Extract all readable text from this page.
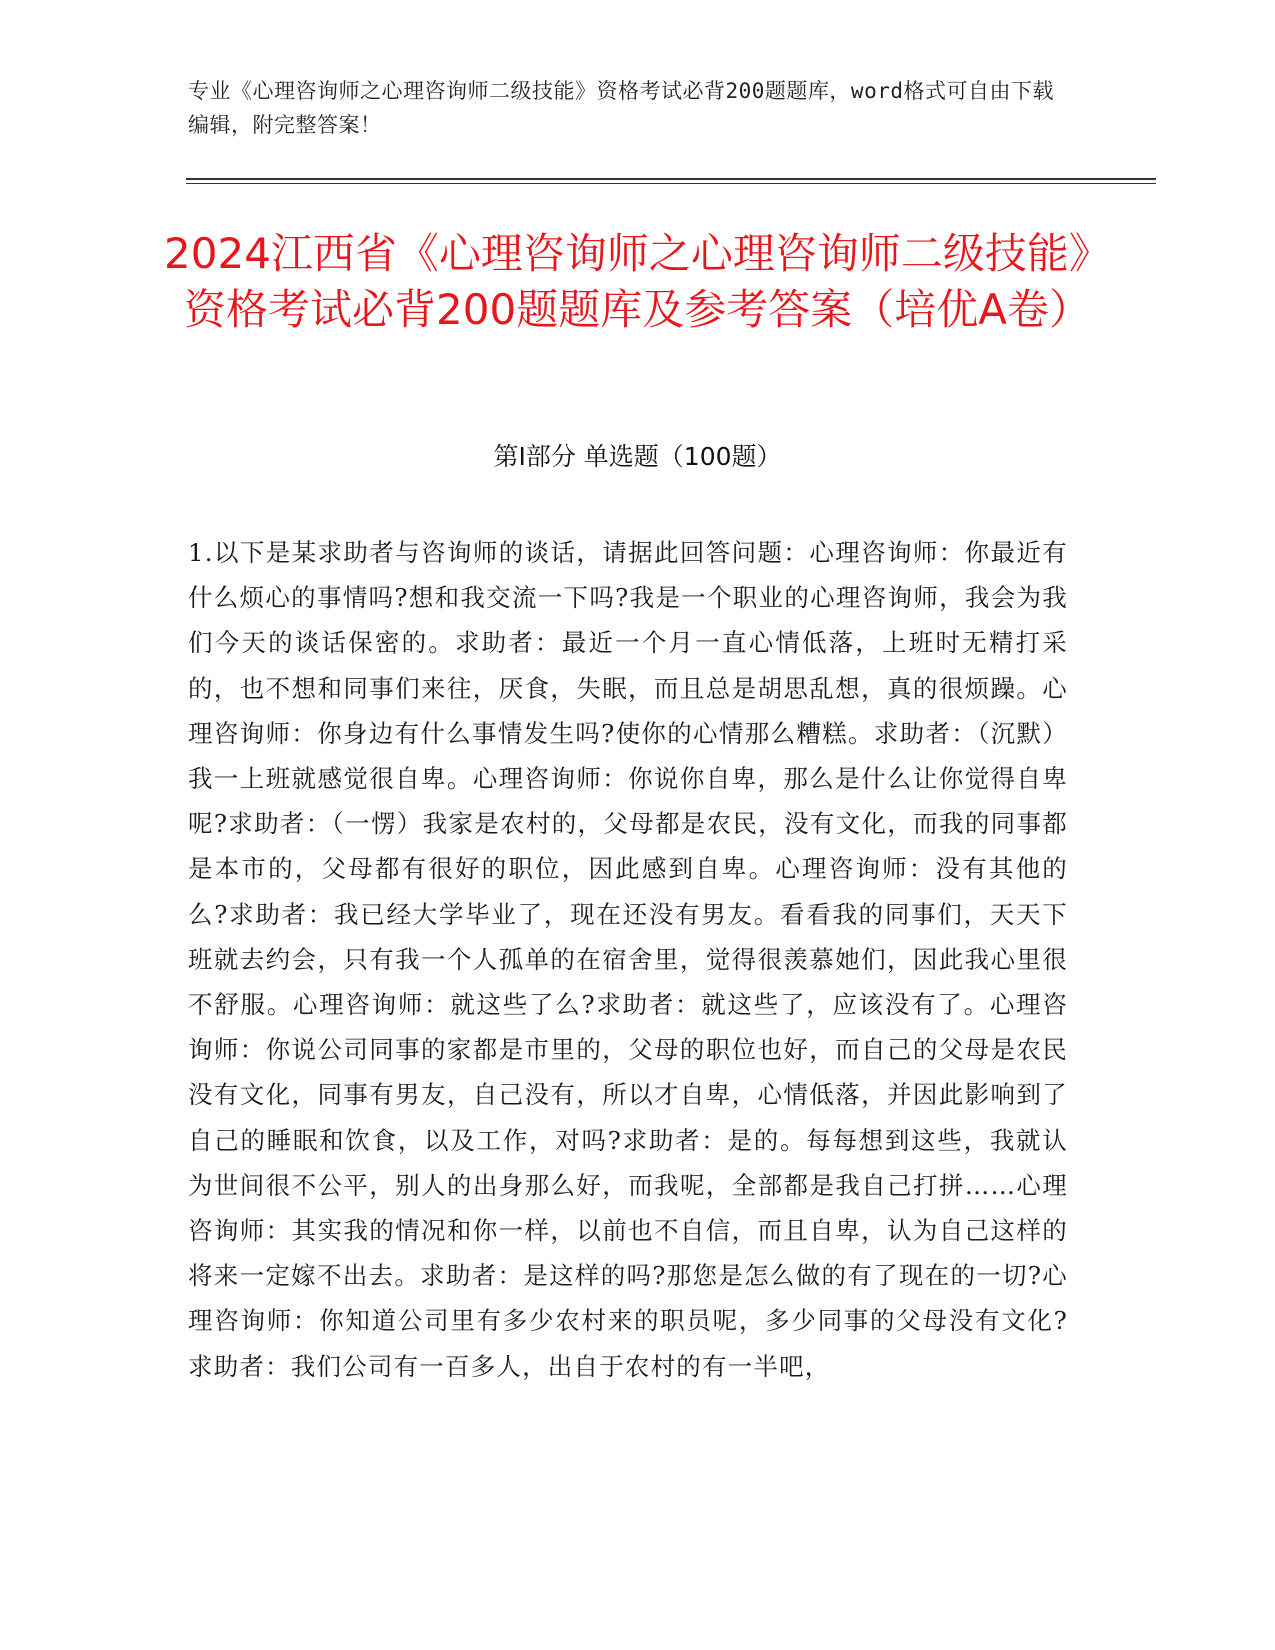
专业《心理咨询师之心理咨询师二级技能》资格考试必背200题题库，word格式可自由下载编辑，附完整答案！
2024江西省《心理咨询师之心理咨询师二级技能》资格考试必背200题题库及参考答案（培优A卷）
第Ⅰ部分 单选题（100题）

1.以下是某求助者与咨询师的谈话，请据此回答问题：心理咨询师：你最近有什么烦心的事情吗?想和我交流一下吗?我是一个职业的心理咨询师，我会为我们今天的谈话保密的。求助者：最近一个月一直心情低落，上班时无精打采的，也不想和同事们来往，厌食，失眠，而且总是胡思乱想，真的很烦躁。心理咨询师：你身边有什么事情发生吗?使你的心情那么糟糕。求助者：（沉默）我一上班就感觉很自卑。心理咨询师：你说你自卑，那么是什么让你觉得自卑呢?求助者：（一愣）我家是农村的，父母都是农民，没有文化，而我的同事都是本市的，父母都有很好的职位，因此感到自卑。心理咨询师：没有其他的么?求助者：我已经大学毕业了，现在还没有男友。看看我的同事们，天天下班就去约会，只有我一个人孤单的在宿舍里，觉得很羡慕她们，因此我心里很不舒服。心理咨询师：就这些了么?求助者：就这些了，应该没有了。心理咨询师：你说公司同事的家都是市里的，父母的职位也好，而自己的父母是农民没有文化，同事有男友，自己没有，所以才自卑，心情低落，并因此影响到了自己的睡眠和饮食，以及工作，对吗?求助者：是的。每每想到这些，我就认为世间很不公平，别人的出身那么好，而我呢，全部都是我自己打拼……心理咨询师：其实我的情况和你一样，以前也不自信，而且自卑，认为自己这样的将来一定嫁不出去。求助者：是这样的吗?那您是怎么做的有了现在的一切?心理咨询师：你知道公司里有多少农村来的职员呢，多少同事的父母没有文化?求助者：我们公司有一百多人，出自于农村的有一半吧，
